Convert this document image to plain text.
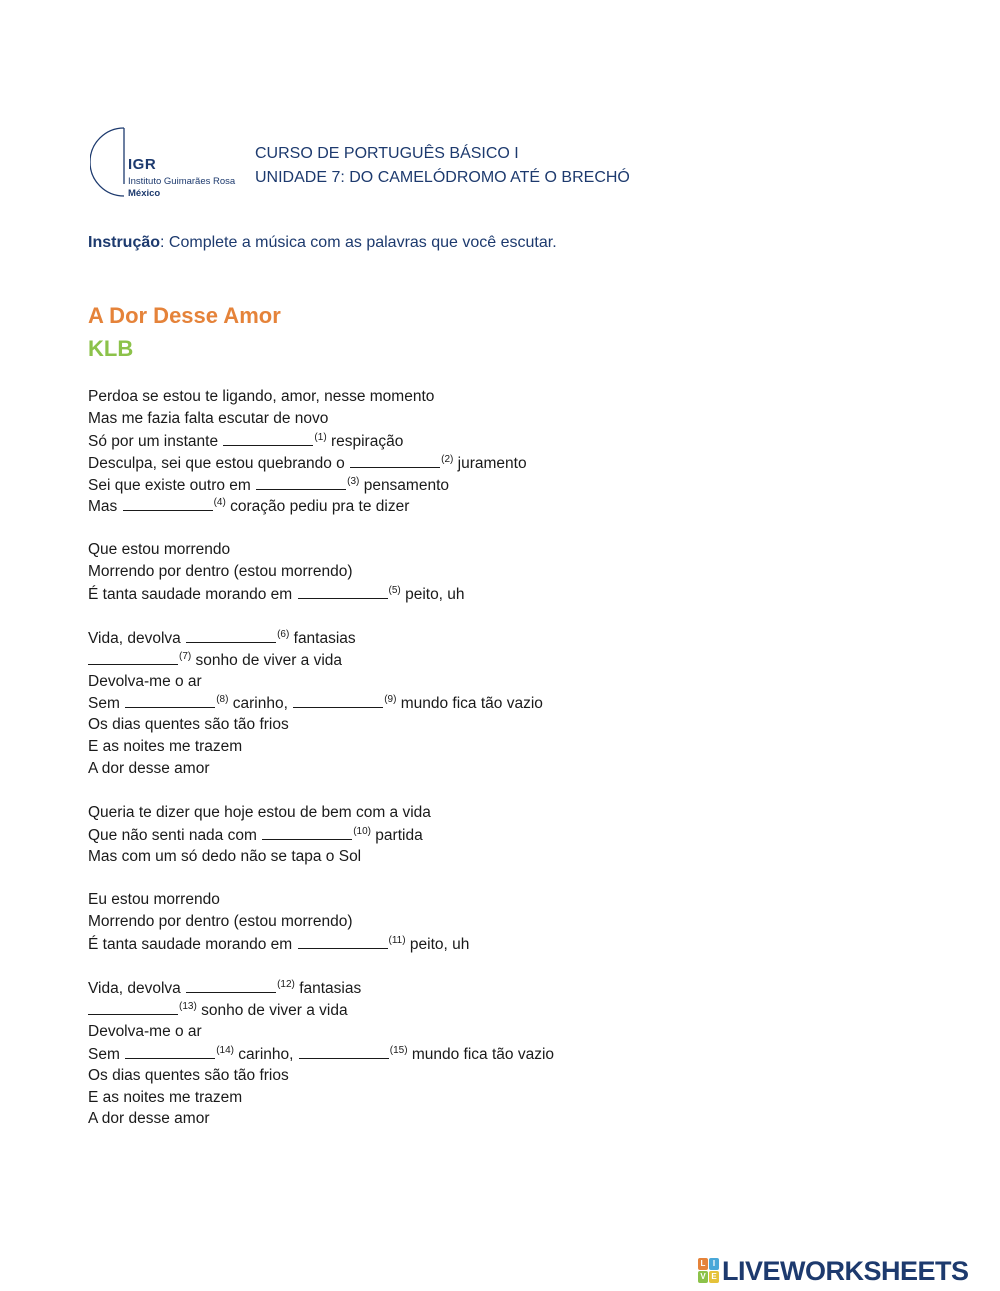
IGR
Instituto Guimarães Rosa
México
CURSO DE PORTUGUÊS BÁSICO I
UNIDADE 7: DO CAMELÓDROMO ATÉ O BRECHÓ
Instrução: Complete a música com as palavras que você escutar.
A Dor Desse Amor
KLB
Perdoa se estou te ligando, amor, nesse momento
Mas me fazia falta escutar de novo
Só por um instante	$^{(1)}$ respiração
Desculpa, sei que estou quebrando o	$^{(2)}$ juramento
Sei que existe outro em	$^{(3)}$ pensamento
Mas	$^{(4)}$ coração pediu pra te dizer
Que estou morrendo
Morrendo por dentro (estou morrendo)
É tanta saudade morando em	$^{(5)}$ peito, uh
Vida, devolva	$^{(6)}$ fantasias
$^{(7)}$ sonho de viver a vida
Devolva-me o ar
Sem	$^{(8)}$ carinho,	$^{(9)}$ mundo fica tão vazio
Os dias quentes são tão frios
E as noites me trazem
A dor desse amor
Queria te dizer que hoje estou de bem com a vida
Que não senti nada com	$^{(10)}$ partida
Mas com um só dedo não se tapa o Sol
Eu estou morrendo
Morrendo por dentro (estou morrendo)
É tanta saudade morando em	$^{(11)}$ peito, uh
Vida, devolva	$^{(12)}$ fantasias
$^{(13)}$ sonho de viver a vida
Devolva-me o ar
Sem	$^{(14)}$ carinho,	$^{(15)}$ mundo fica tão vazio
Os dias quentes são tão frios
E as noites me trazem
A dor desse amor
L I
V E LIVEWORKSHEETS
